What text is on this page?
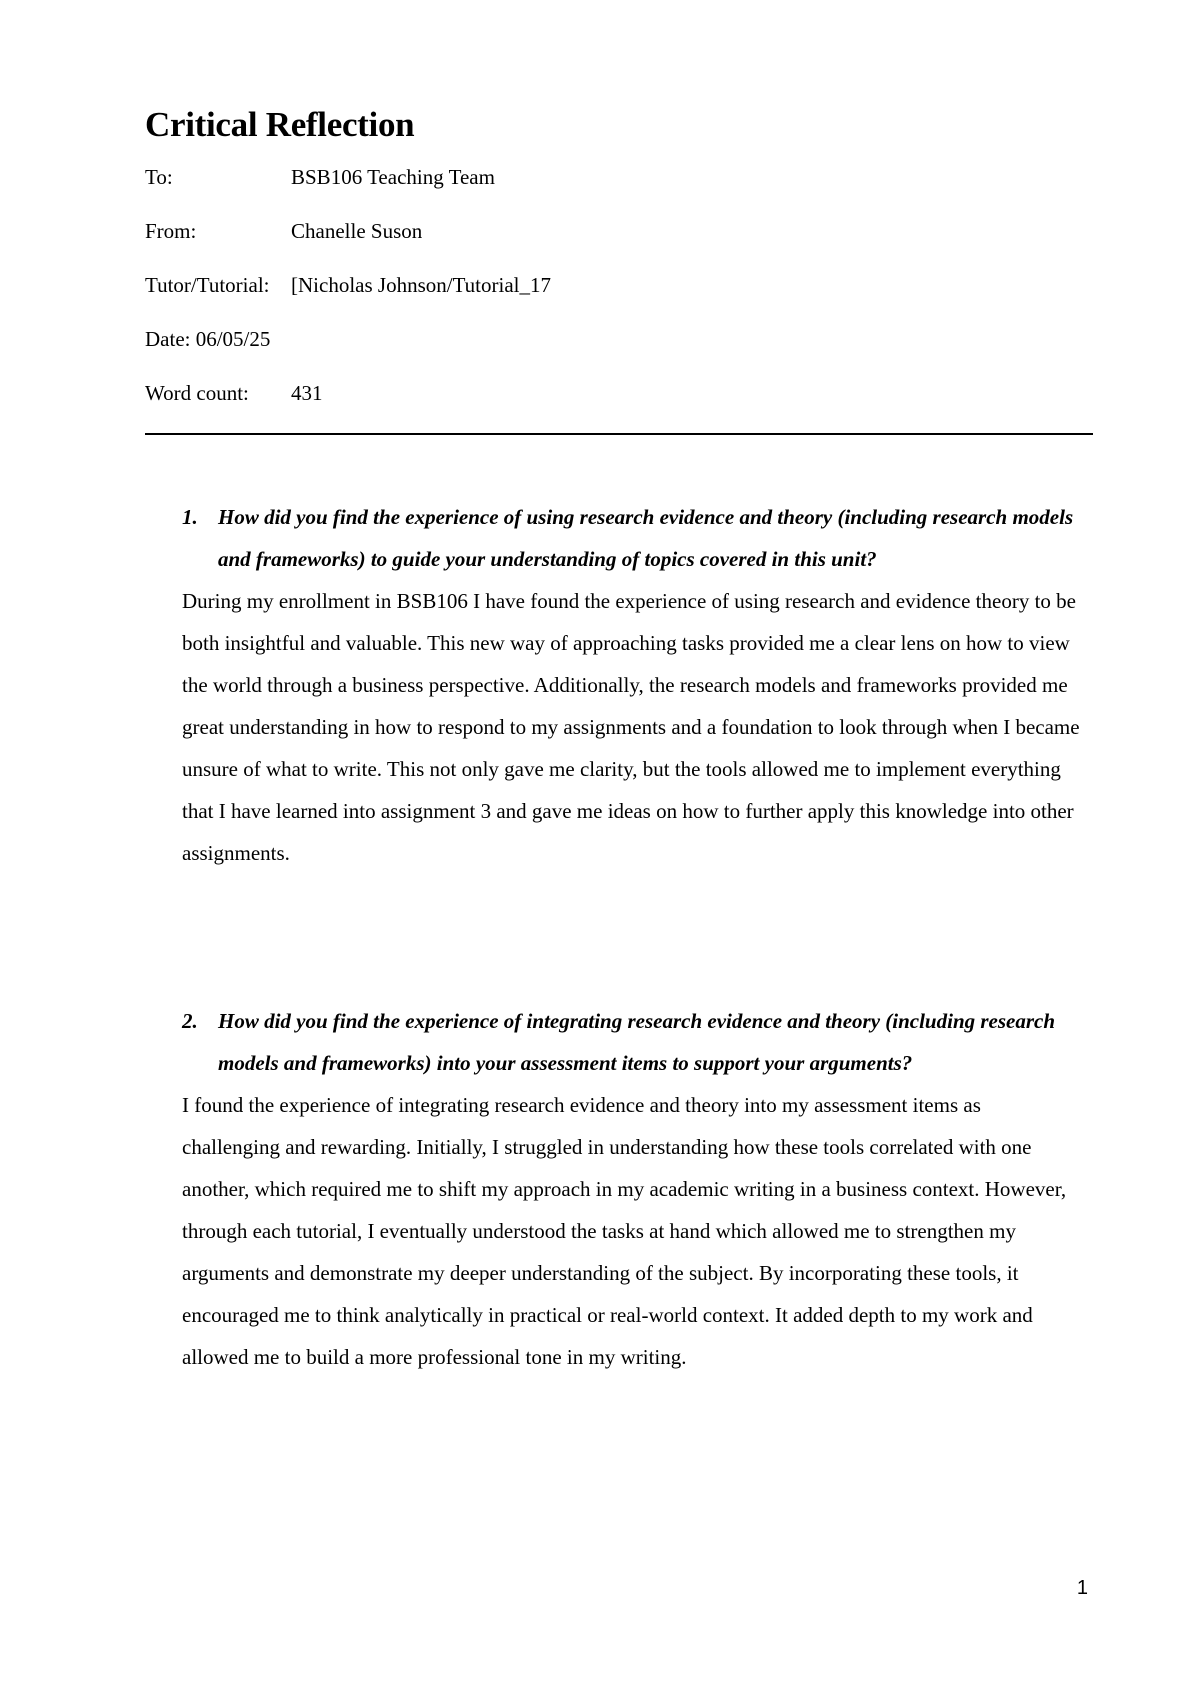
Critical Reflection
To:	BSB106 Teaching Team
From:	Chanelle Suson
Tutor/Tutorial: [Nicholas Johnson/Tutorial_17
Date: 06/05/25
Word count: 431

1. How did you find the experience of using research evidence and theory (including research models and frameworks) to guide your understanding of topics covered in this unit?

During my enrollment in BSB106 I have found the experience of using research and evidence theory to be both insightful and valuable. This new way of approaching tasks provided me a clear lens on how to view the world through a business perspective. Additionally, the research models and frameworks provided me great understanding in how to respond to my assignments and a foundation to look through when I became unsure of what to write. This not only gave me clarity, but the tools allowed me to implement everything that I have learned into assignment 3 and gave me ideas on how to further apply this knowledge into other assignments.

2. How did you find the experience of integrating research evidence and theory (including research models and frameworks) into your assessment items to support your arguments?

I found the experience of integrating research evidence and theory into my assessment items as challenging and rewarding. Initially, I struggled in understanding how these tools correlated with one another, which required me to shift my approach in my academic writing in a business context. However, through each tutorial, I eventually understood the tasks at hand which allowed me to strengthen my arguments and demonstrate my deeper understanding of the subject. By incorporating these tools, it encouraged me to think analytically in practical or real-world context. It added depth to my work and allowed me to build a more professional tone in my writing.

1
